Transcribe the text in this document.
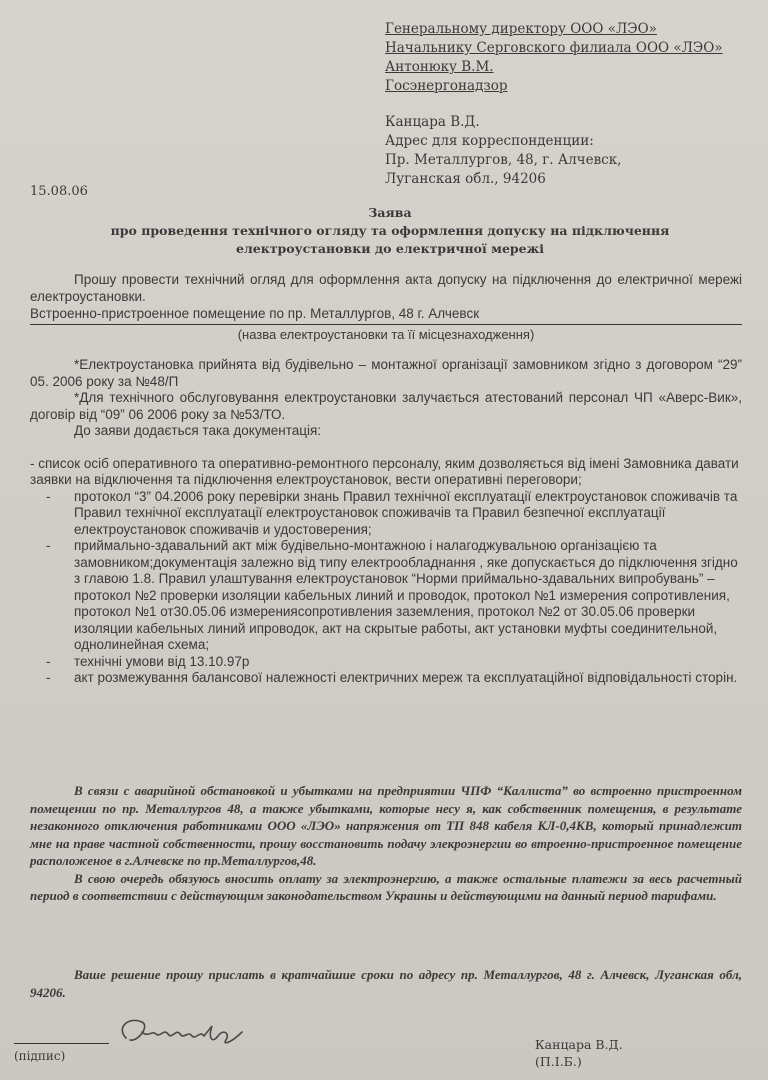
Генеральному директору ООО «ЛЭО»
Начальнику Серговского филиала ООО «ЛЭО»
Антонюку В.М.
Госэнергонадзор
Канцара В.Д.
Адрес для корреспонденции:
Пр. Металлургов, 48, г. Алчевск,
Луганская обл., 94206
15.08.06
Заява
про проведення технічного огляду та оформлення допуску на підключення
електроустановки до електричної мережі

Прошу провести технічний огляд для оформлення акта допуску на підключення до електричної мережі електроустановки.

Встроенно-пристроенное помещение по пр. Металлургов, 48 г. Алчевск
(назва електроустановки та її місцезнаходження)

*Електроустановка прийнята від будівельно – монтажної організації замовником згідно з договором “29” 05. 2006 року за №48/П

*Для технічного обслуговування електроустановки залучається атестований персонал ЧП «Аверс-Вик», договір від “09” 06 2006 року за №53/ТО.

До заяви додається така документація:

- список осіб оперативного та оперативно-ремонтного персоналу, яким дозволяється від імені Замовника давати заявки на відключення та підключення електроустановок, вести оперативні переговори;
- протокол “3” 04.2006 року перевірки знань Правил технічної експлуатації електроустановок споживачів та Правил технічної експлуатації електроустановок споживачів та Правил безпечної експлуатації електроустановок споживачів и удостоверения;
- приймально-здавальний акт між будівельно-монтажною і налагоджувальною організацією та замовником;документація залежно від типу електрообладнання , яке допускається до підключення згідно з главою 1.8. Правил улаштування електроустановок “Норми приймально-здавальних випробувань” – протокол №2 проверки изоляции кабельных линий и проводок, протокол №1 измерения сопротивления, протокол №1 от30.05.06 измеренияcопротивления заземления, протокол №2 от 30.05.06 проверки изоляции кабельных линий ипроводок, акт на скрытые работы, акт установки муфты соединительной, однолинейная схема;
- технічні умови від 13.10.97р
- акт розмежування балансової належності електричних мереж та експлуатаційної відповідальності сторін.

В связи с аварийной обстановкой и убытками на предприятии ЧПФ “Каллиста” во встроенно пристроенном помещении по пр. Металлургов 48, а также убытками, которые несу я, как собственник помещения, в результате незаконного отключения работниками ООО «ЛЭО» напряжения от ТП 848 кабеля КЛ-0,4КВ, который принадлежит мне на праве частной собственности, прошу восстановить подачу элекроэнергии во втроенно-пристроенное помещение расположеное в г.Алчевске по пр.Металлургов,48.

В свою очередь обязуюсь вносить оплату за электроэнергию, а также остальные платежи за весь расчетный период в соответствии с действующим законодательством Украины и действующими на данный период тарифами.

Ваше решение прошу прислать в кратчайшие сроки по адресу пр. Металлургов, 48 г. Алчевск, Луганская обл, 94206.
(підпис)
Канцара В.Д.
(П.І.Б.)
